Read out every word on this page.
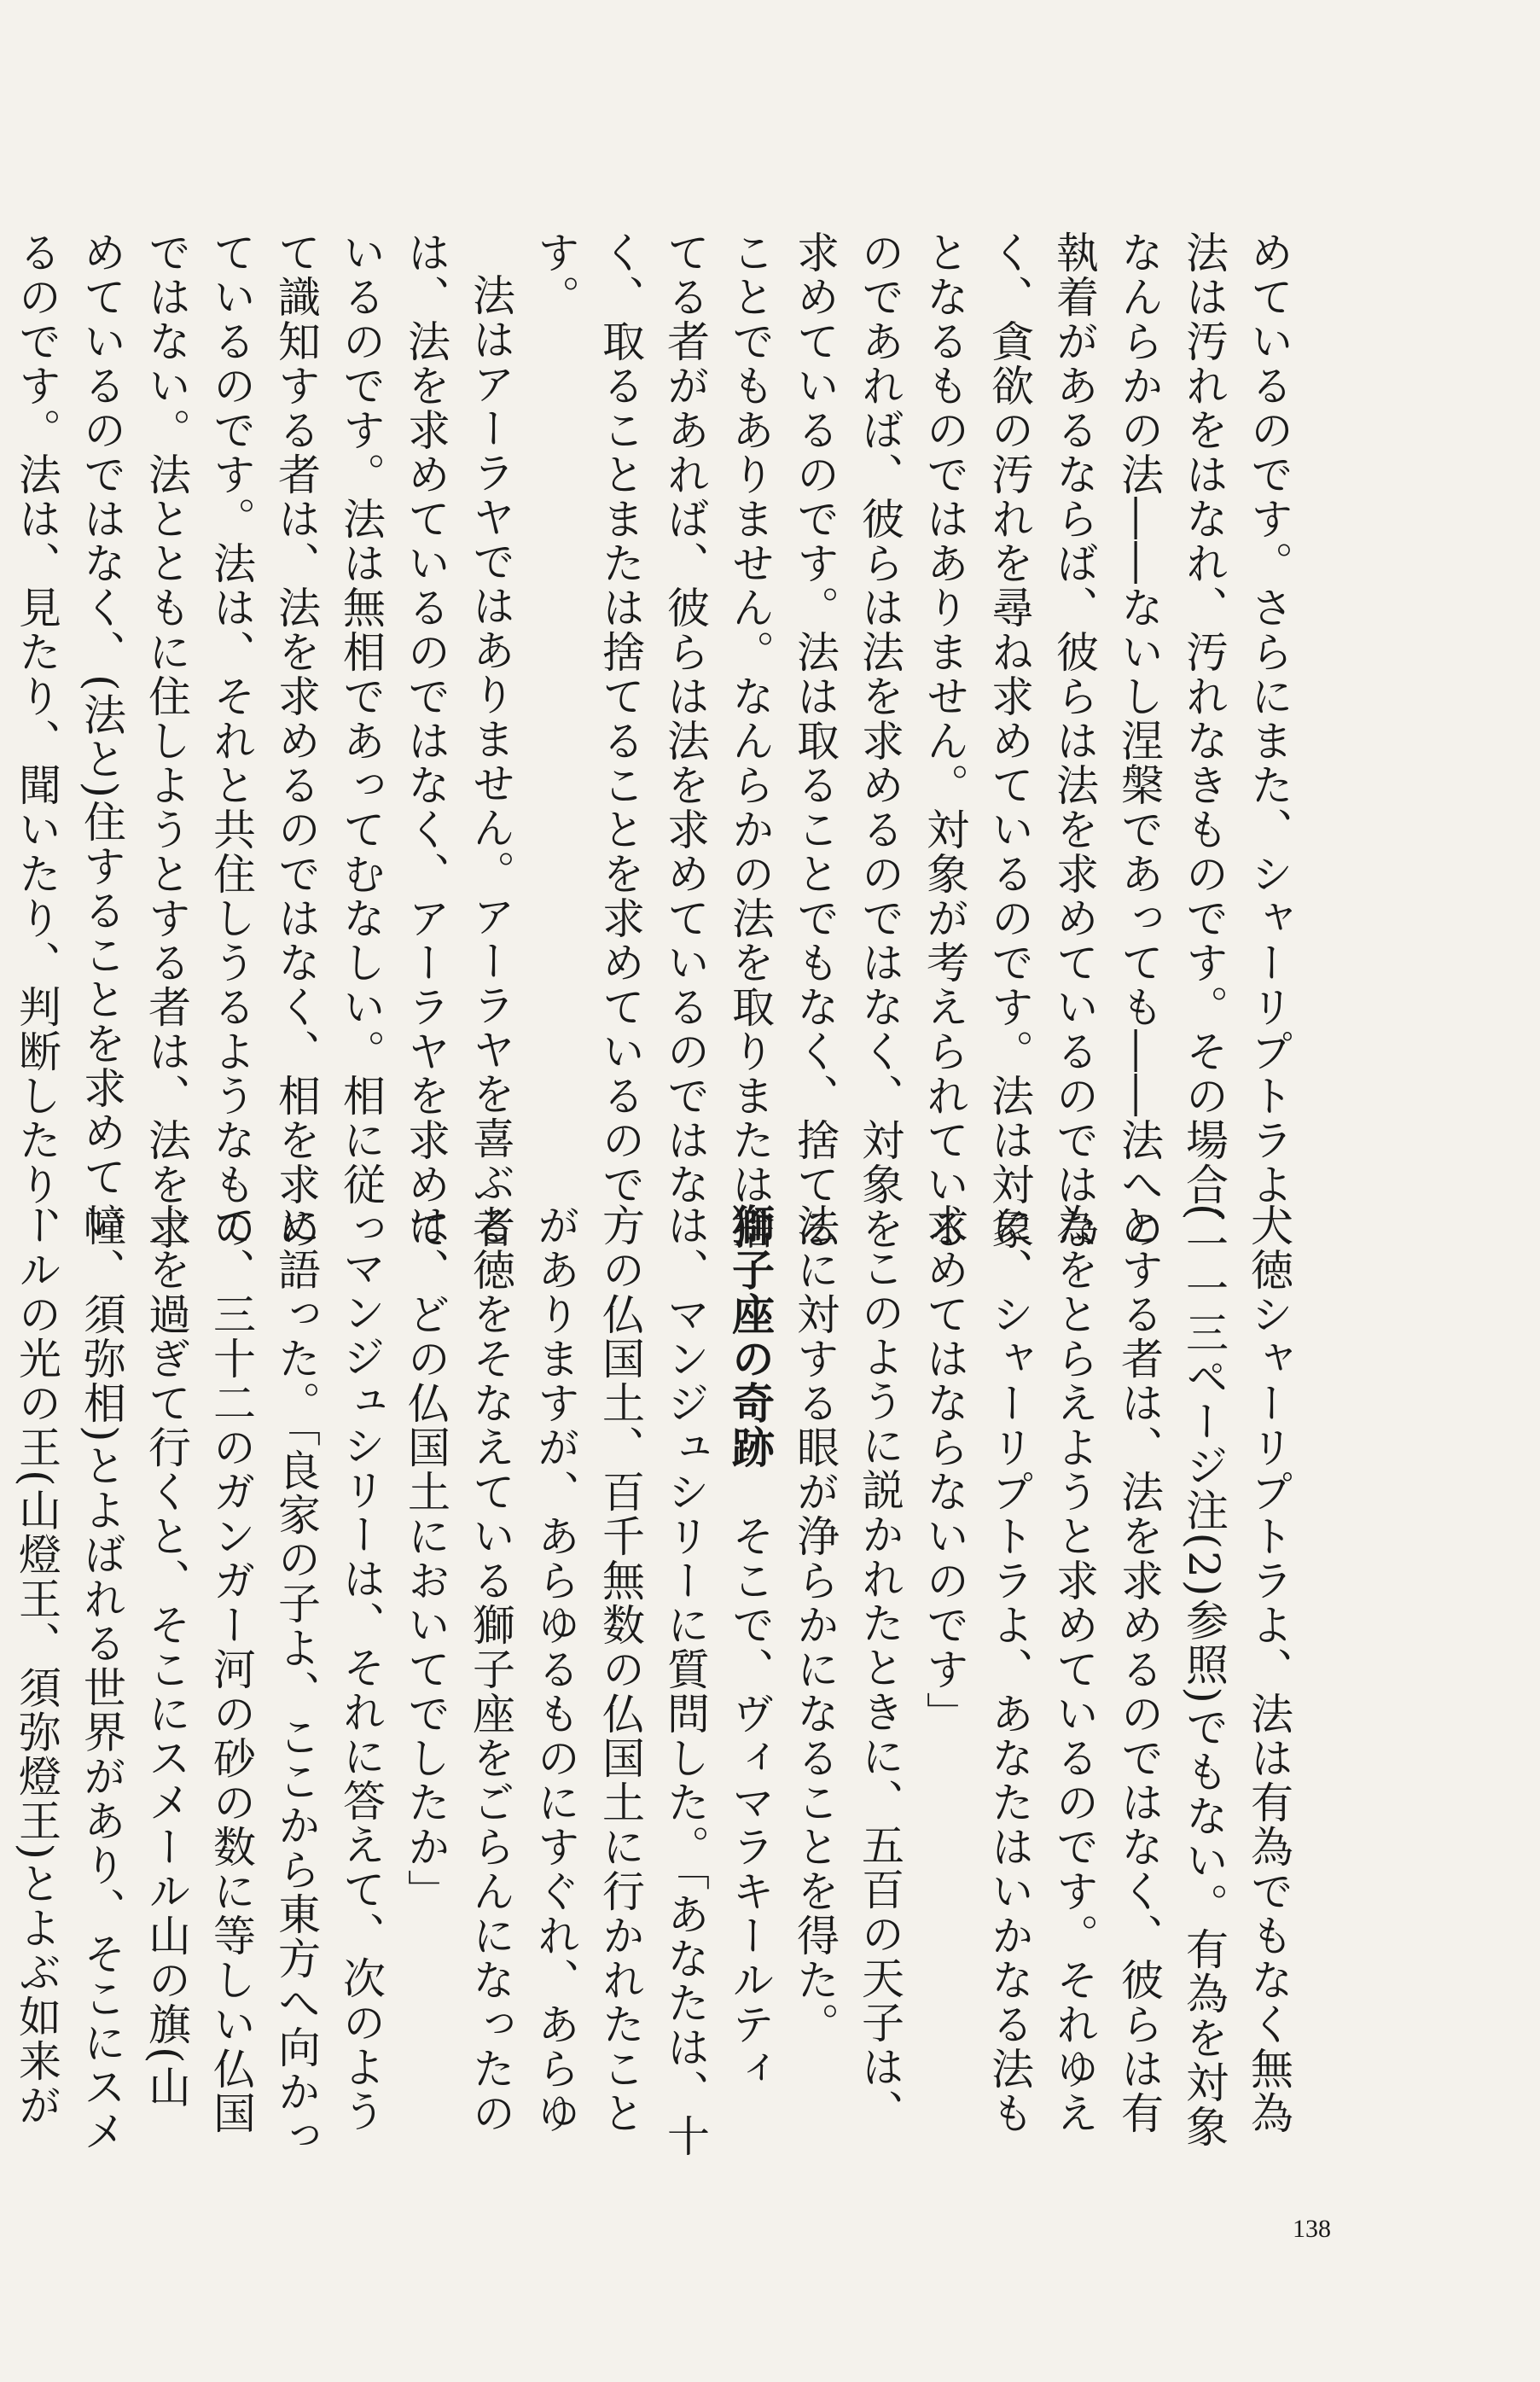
めているのです。さらにまた、シャーリプトラよ、法は汚れをはなれ、汚れなきものです。その場合、なんらかの法――ないし涅槃であっても――法への執着があるならば、彼らは法を求めているのではなく、貪欲の汚れを尋ね求めているのです。法は対象となるものではありません。対象が考えられているのであれば、彼らは法を求めるのではなく、対象を求めているのです。法は取ることでもなく、捨てることでもありません。なんらかの法を取りまたは捨てる者があれば、彼らは法を求めているのではなく、取ることまたは捨てることを求めているのです。

法はアーラヤではありません。アーラヤを喜ぶ者は、法を求めているのではなく、アーラヤを求めているのです。法は無相であってむなしい。相に従って識知する者は、法を求めるのではなく、相を求めているのです。法は、それと共住しうるようなものではない。法とともに住しようとする者は、法を求めているのではなく、(法と)住することを求めているのです。法は、見たり、聞いたり、判断したり、	大徳シャーリプトラよ、法は有為でもなく無為(一一三ページ注(2)参照)でもない。有為を対象とする者は、法を求めるのではなく、彼らは有為をとらえようと求めているのです。それゆえに、シャーリプトラよ、あなたはいかなる法も求めてはならないのです」

このように説かれたときに、五百の天子は、法に対する眼が浄らかになることを得た。

獅子座の奇跡　そこで、ヴィマラキールティは、マンジュシリーに質問した。「あなたは、十方の仏国土、百千無数の仏国土に行かれたことがありますが、あらゆるものにすぐれ、あらゆる徳をそなえている獅子座をごらんになったのは、どの仏国土においてでしたか」

マンジュシリーは、それに答えて、次のように語った。「良家の子よ、ここから東方へ向かって、三十二のガンガー河の砂の数に等しい仏国土を過ぎて行くと、そこにスメール山の旗(山幢、須弥相)とよばれる世界があり、そこにスメールの光の王(山燈王、須弥燈王)とよぶ如来が

138
